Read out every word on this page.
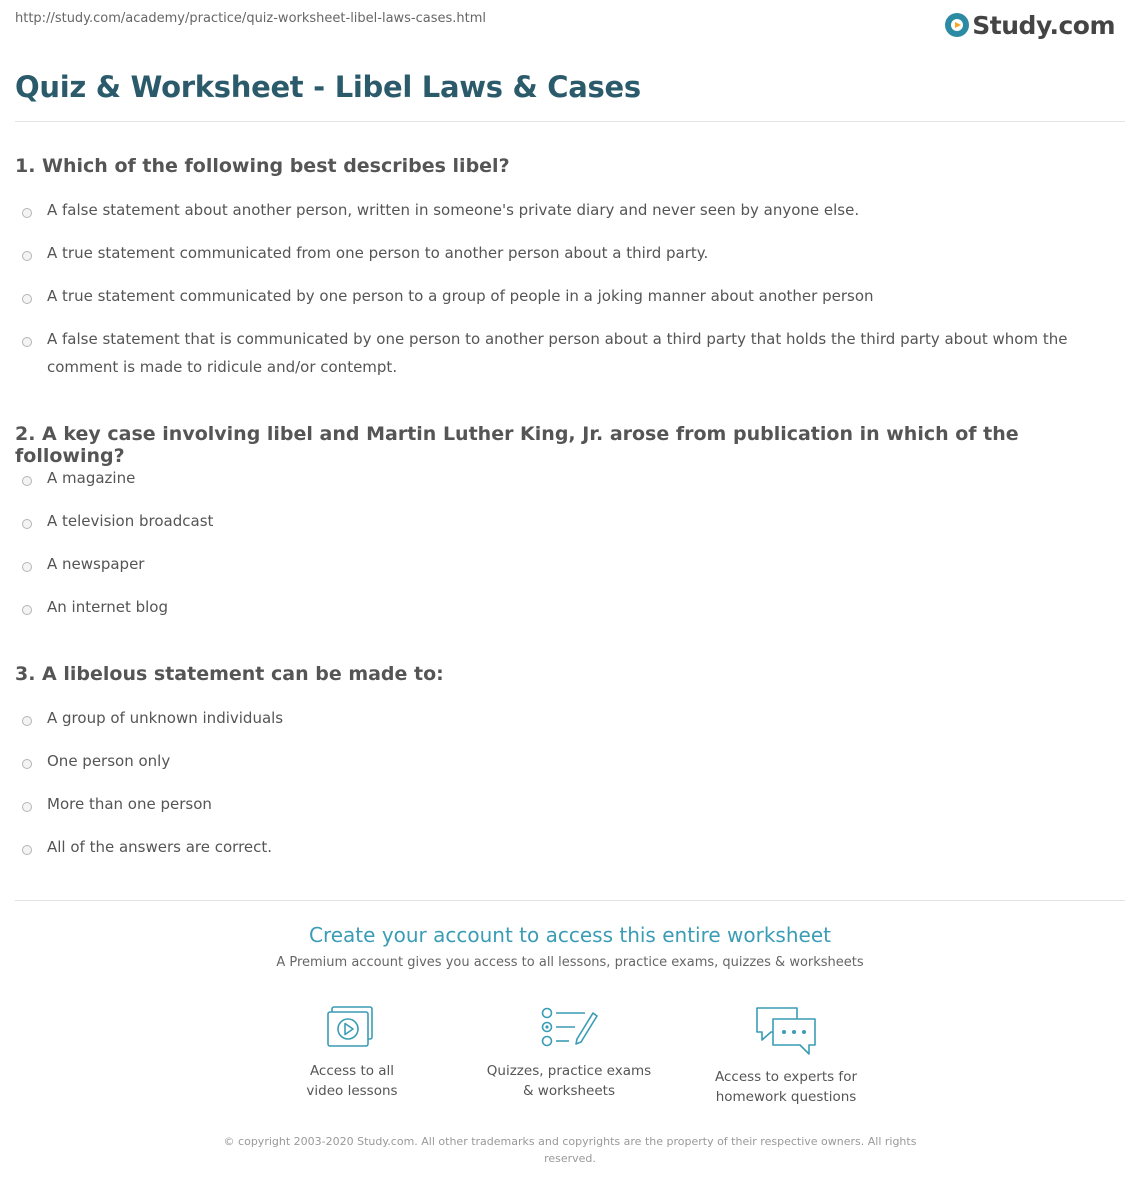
http://study.com/academy/practice/quiz-worksheet-libel-laws-cases.html	Study.com
Quiz & Worksheet - Libel Laws & Cases
1. Which of the following best describes libel?
A false statement about another person, written in someone's private diary and never seen by anyone else.
A true statement communicated from one person to another person about a third party.
A true statement communicated by one person to a group of people in a joking manner about another person
A false statement that is communicated by one person to another person about a third party that holds the third party about whom the comment is made to ridicule and/or contempt.
2. A key case involving libel and Martin Luther King, Jr. arose from publication in which of the following?
A magazine
A television broadcast
A newspaper
An internet blog
3. A libelous statement can be made to:
A group of unknown individuals
One person only
More than one person
All of the answers are correct.
Create your account to access this entire worksheet
A Premium account gives you access to all lessons, practice exams, quizzes & worksheets
Access to all
video lessons
Quizzes, practice exams
& worksheets
Access to experts for
homework questions
© copyright 2003-2020 Study.com. All other trademarks and copyrights are the property of their respective owners. All rights reserved.
